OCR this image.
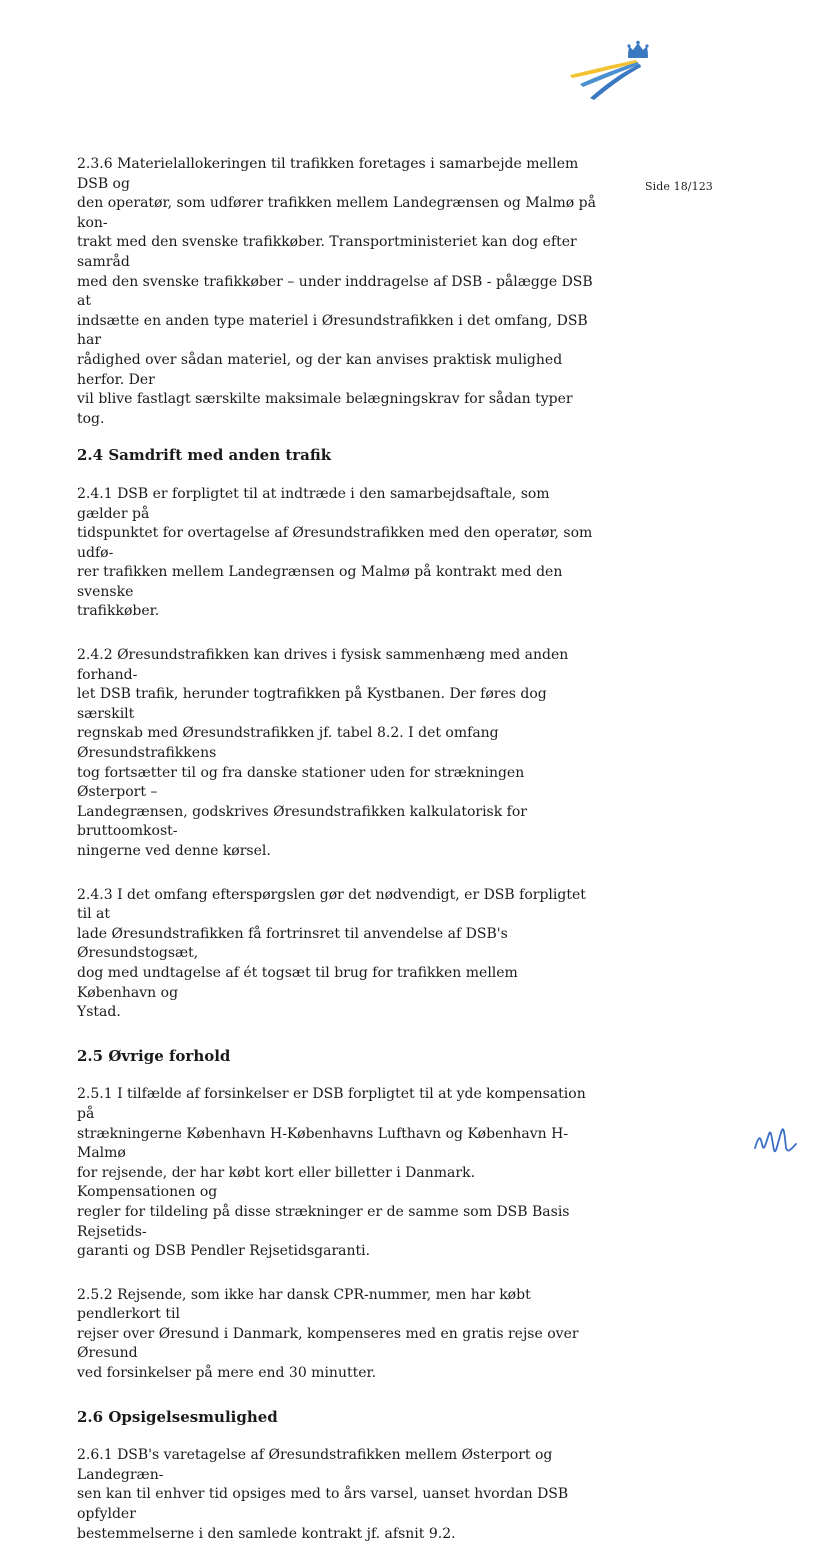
Side 18/123

2.3.6 Materielallokeringen til trafikken foretages i samarbejde mellem DSB og
den operatør, som udfører trafikken mellem Landegrænsen og Malmø på kon-
trakt med den svenske trafikkøber. Transportministeriet kan dog efter samråd
med den svenske trafikkøber – under inddragelse af DSB - pålægge DSB at
indsætte en anden type materiel i Øresundstrafikken i det omfang, DSB har
rådighed over sådan materiel, og der kan anvises praktisk mulighed herfor. Der
vil blive fastlagt særskilte maksimale belægningskrav for sådan typer tog.

2.4 Samdrift med anden trafik

2.4.1 DSB er forpligtet til at indtræde i den samarbejdsaftale, som gælder på
tidspunktet for overtagelse af Øresundstrafikken med den operatør, som udfø-
rer trafikken mellem Landegrænsen og Malmø på kontrakt med den svenske
trafikkøber.

2.4.2 Øresundstrafikken kan drives i fysisk sammenhæng med anden forhand-
let DSB trafik, herunder togtrafikken på Kystbanen. Der føres dog særskilt
regnskab med Øresundstrafikken jf. tabel 8.2. I det omfang Øresundstrafikkens
tog fortsætter til og fra danske stationer uden for strækningen Østerport –
Landegrænsen, godskrives Øresundstrafikken kalkulatorisk for bruttoomkost-
ningerne ved denne kørsel.

2.4.3 I det omfang efterspørgslen gør det nødvendigt, er DSB forpligtet til at
lade Øresundstrafikken få fortrinsret til anvendelse af DSB's Øresundstogsæt,
dog med undtagelse af ét togsæt til brug for trafikken mellem København og
Ystad.

2.5 Øvrige forhold

2.5.1 I tilfælde af forsinkelser er DSB forpligtet til at yde kompensation på
strækningerne København H-Københavns Lufthavn og København H- Malmø
for rejsende, der har købt kort eller billetter i Danmark. Kompensationen og
regler for tildeling på disse strækninger er de samme som DSB Basis Rejsetids-
garanti og DSB Pendler Rejsetidsgaranti.

2.5.2 Rejsende, som ikke har dansk CPR-nummer, men har købt pendlerkort til
rejser over Øresund i Danmark, kompenseres med en gratis rejse over Øresund
ved forsinkelser på mere end 30 minutter.

2.6 Opsigelsesmulighed

2.6.1 DSB's varetagelse af Øresundstrafikken mellem Østerport og Landegræn-
sen kan til enhver tid opsiges med to års varsel, uanset hvordan DSB opfylder
bestemmelserne i den samlede kontrakt jf. afsnit 9.2.
